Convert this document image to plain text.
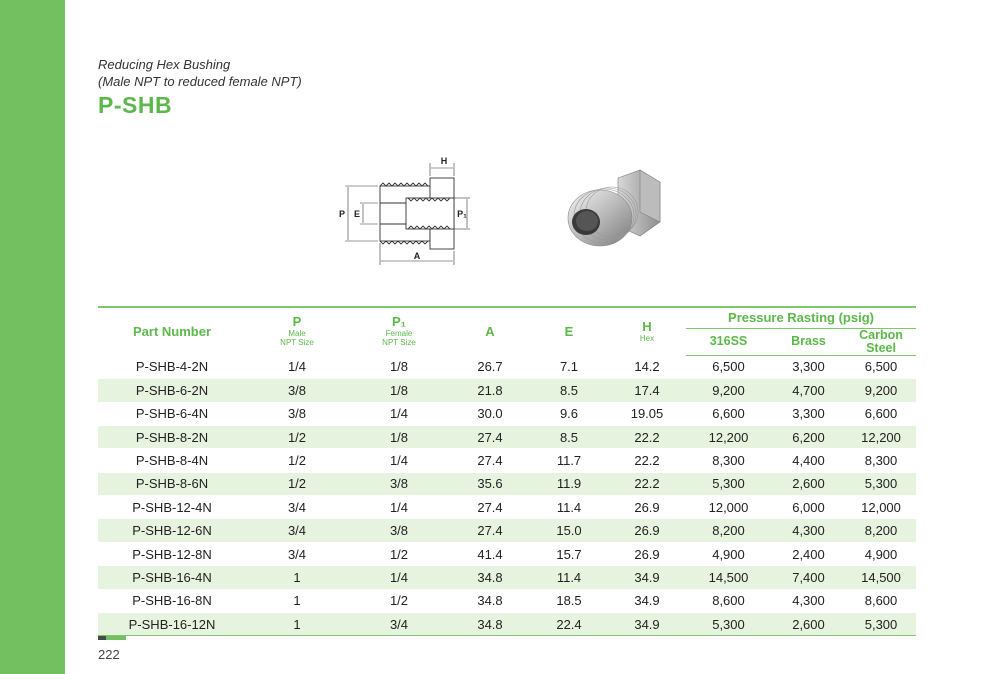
Reducing Hex Bushing
(Male NPT to reduced female NPT)
P-SHB
H
P E	P₁
A
Part Number	P
Male
NPT Size	P₁
Female
NPT Size	A	E	H
Hex	Pressure Rasting (psig)		
						316SS	Brass	Carbon Steel
P-SHB-4-2N	1/4	1/8	26.7	7.1	14.2	6,500	3,300	6,500
P-SHB-6-2N	3/8	1/8	21.8	8.5	17.4	9,200	4,700	9,200
P-SHB-6-4N	3/8	1/4	30.0	9.6	19.05	6,600	3,300	6,600
P-SHB-8-2N	1/2	1/8	27.4	8.5	22.2	12,200	6,200	12,200
P-SHB-8-4N	1/2	1/4	27.4	11.7	22.2	8,300	4,400	8,300
P-SHB-8-6N	1/2	3/8	35.6	11.9	22.2	5,300	2,600	5,300
P-SHB-12-4N	3/4	1/4	27.4	11.4	26.9	12,000	6,000	12,000
P-SHB-12-6N	3/4	3/8	27.4	15.0	26.9	8,200	4,300	8,200
P-SHB-12-8N	3/4	1/2	41.4	15.7	26.9	4,900	2,400	4,900
P-SHB-16-4N	1	1/4	34.8	11.4	34.9	14,500	7,400	14,500
P-SHB-16-8N	1	1/2	34.8	18.5	34.9	8,600	4,300	8,600
P-SHB-16-12N	1	3/4	34.8	22.4	34.9	5,300	2,600	5,300
222
